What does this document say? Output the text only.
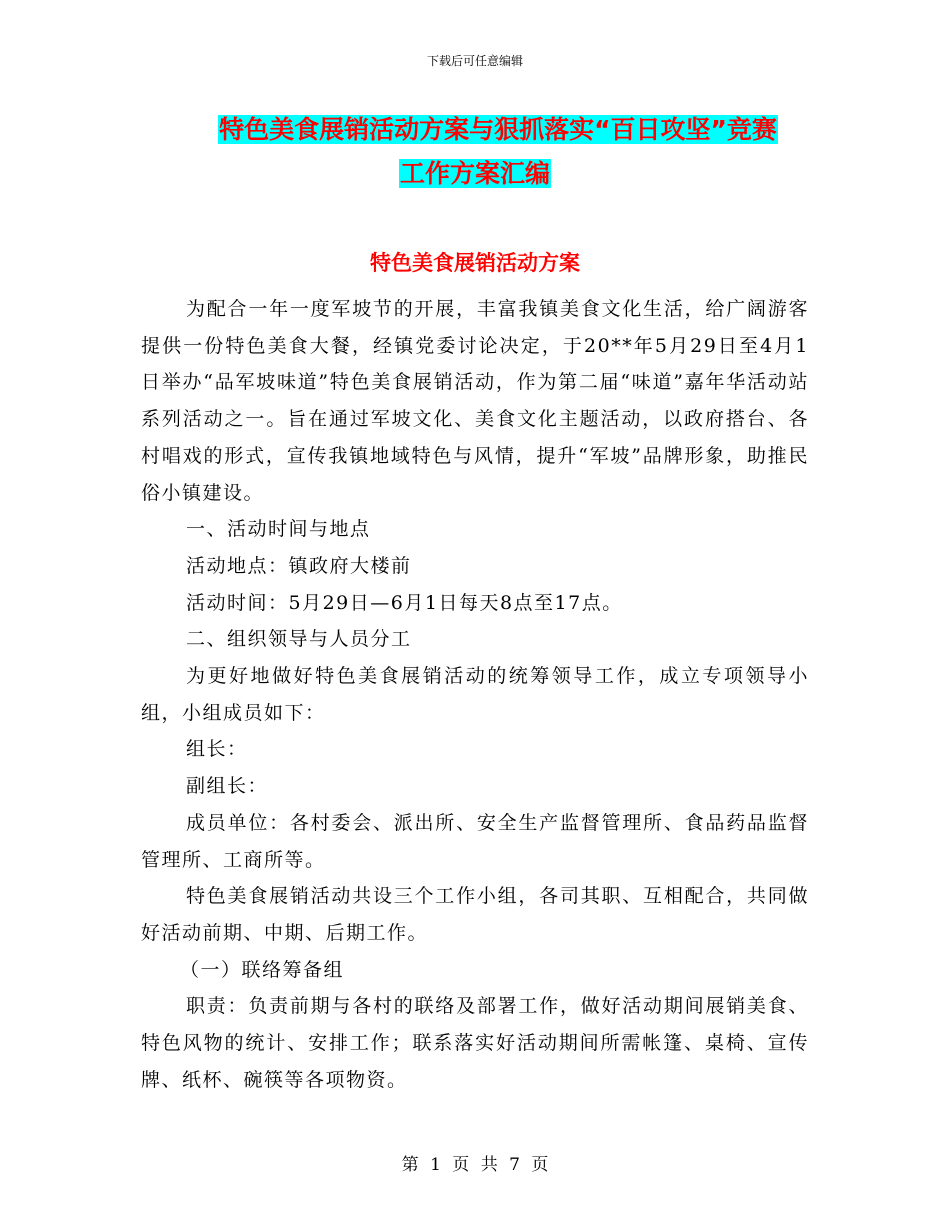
下载后可任意编辑
特色美食展销活动方案与狠抓落实“百日攻坚”竞赛
工作方案汇编
特色美食展销活动方案

为配合一年一度军坡节的开展，丰富我镇美食文化生活，给广阔游客提供一份特色美食大餐，经镇党委讨论决定，于20**年5月29日至4月1日举办“品军坡味道”特色美食展销活动，作为第二届“味道”嘉年华活动站系列活动之一。旨在通过军坡文化、美食文化主题活动，以政府搭台、各村唱戏的形式，宣传我镇地域特色与风情，提升“军坡”品牌形象，助推民俗小镇建设。

一、活动时间与地点

活动地点：镇政府大楼前

活动时间：5月29日—6月1日每天8点至17点。

二、组织领导与人员分工

为更好地做好特色美食展销活动的统筹领导工作，成立专项领导小组，小组成员如下：

组长：

副组长：

成员单位：各村委会、派出所、安全生产监督管理所、食品药品监督管理所、工商所等。

特色美食展销活动共设三个工作小组，各司其职、互相配合，共同做好活动前期、中期、后期工作。

（一）联络筹备组

职责：负责前期与各村的联络及部署工作，做好活动期间展销美食、特色风物的统计、安排工作；联系落实好活动期间所需帐篷、桌椅、宣传牌、纸杯、碗筷等各项物资。

第 1 页 共 7 页
